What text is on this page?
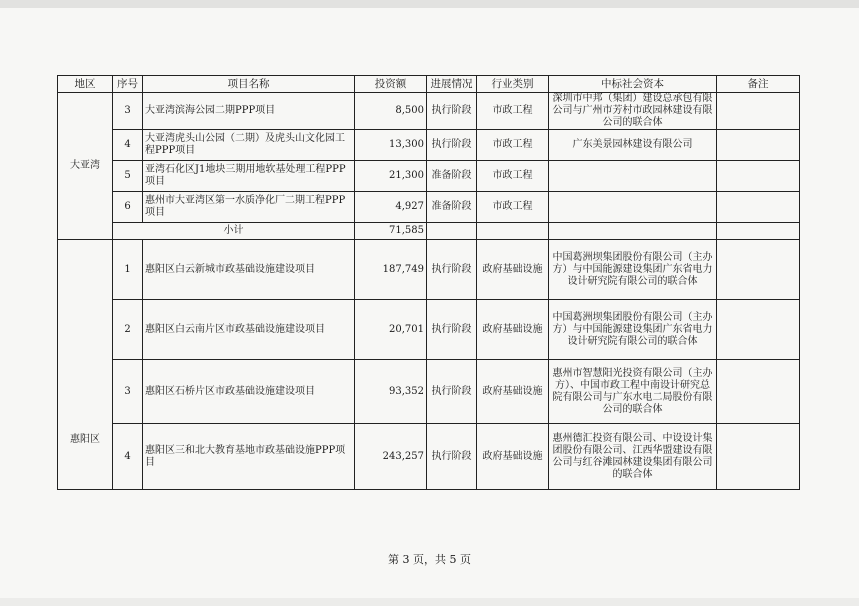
地区	序号	项目名称	投资额	进展情况	行业类别	中标社会资本	备注
大亚湾	3	大亚湾滨海公园二期PPP项目	8,500	执行阶段	市政工程	深圳市中邦（集团）建设总承包有限公司与广州市芳村市政园林建设有限公司的联合体	
	4	大亚湾虎头山公园（二期）及虎头山文化园工程PPP项目	13,300	执行阶段	市政工程	广东美景园林建设有限公司	
	5	亚湾石化区J1地块三期用地软基处理工程PPP项目	21,300	准备阶段	市政工程		
	6	惠州市大亚湾区第一水质净化厂二期工程PPP项目	4,927	准备阶段	市政工程		
	小计		71,585				

惠阳区	1	惠阳区白云新城市政基础设施建设项目	187,749	执行阶段	政府基础设施	中国葛洲坝集团股份有限公司（主办方）与中国能源建设集团广东省电力设计研究院有限公司的联合体	
	2	惠阳区白云南片区市政基础设施建设项目	20,701	执行阶段	政府基础设施	中国葛洲坝集团股份有限公司（主办方）与中国能源建设集团广东省电力设计研究院有限公司的联合体	
	3	惠阳区石桥片区市政基础设施建设项目	93,352	执行阶段	政府基础设施	惠州市智慧阳光投资有限公司（主办方）、中国市政工程中南设计研究总院有限公司与广东水电二局股份有限公司的联合体	
	4	惠阳区三和北大教育基地市政基础设施PPP项目	243,257	执行阶段	政府基础设施	惠州德汇投资有限公司、中设设计集团股份有限公司、江西华盟建设有限公司与红谷滩园林建设集团有限公司的联合体	
第 3 页，共 5 页
